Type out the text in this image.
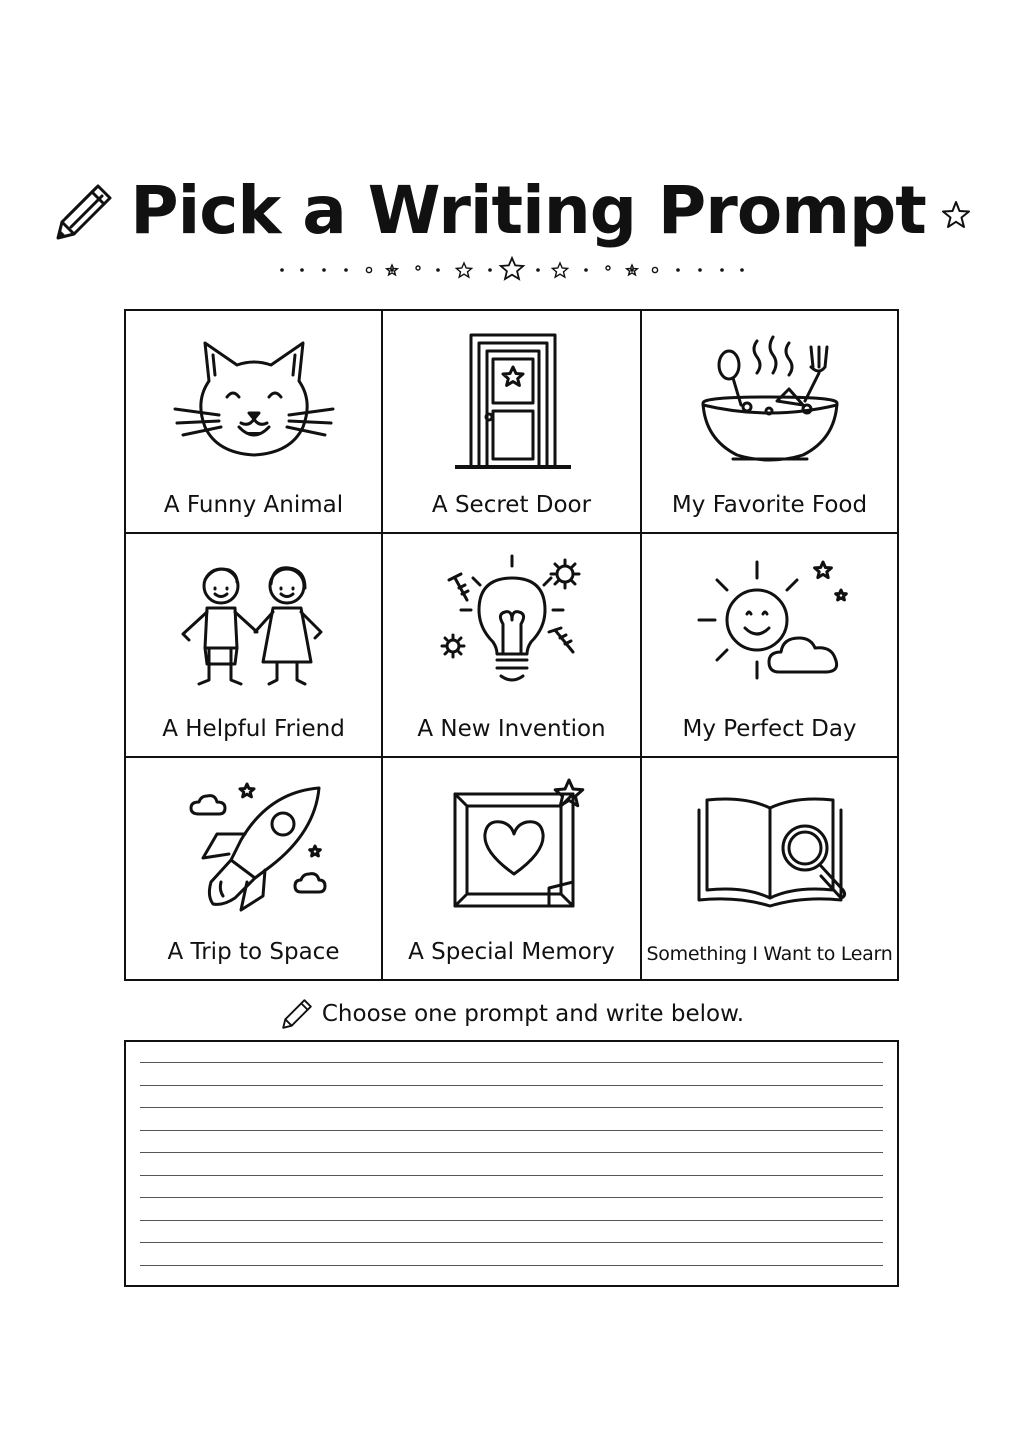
Pick a Writing Prompt
A Funny Animal	A Secret Door	My Favorite Food
A Helpful Friend	A New Invention	My Perfect Day
A Trip to Space	A Special Memory	Something I Want to Learn
Choose one prompt and write below.
